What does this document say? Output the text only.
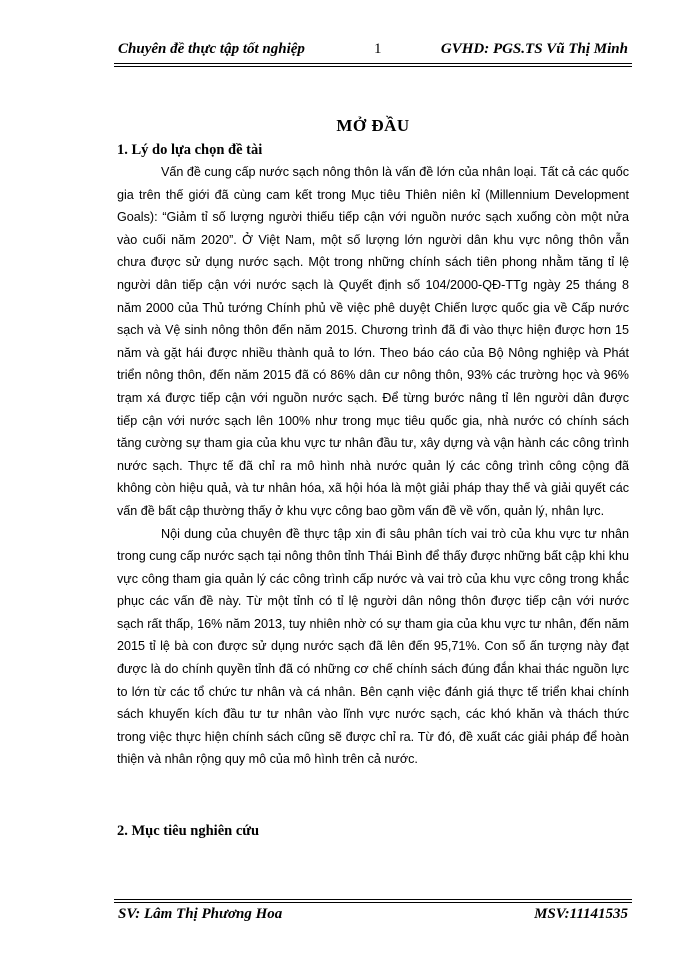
Chuyên đề thực tập tốt nghiệp	1	GVHD: PGS.TS Vũ Thị Minh
MỞ ĐẦU
1. Lý do lựa chọn đề tài

Vấn đề cung cấp nước sạch nông thôn là vấn đề lớn của nhân loại. Tất cả các quốc gia trên thế giới đã cùng cam kết trong Mục tiêu Thiên niên kỉ (Millennium Development Goals): “Giảm tỉ số lượng người thiếu tiếp cận với nguồn nước sạch xuống còn một nửa vào cuối năm 2020”. Ở Việt Nam, một số lượng lớn người dân khu vực nông thôn vẫn chưa được sử dụng nước sạch. Một trong những chính sách tiên phong nhằm tăng tỉ lệ người dân tiếp cận với nước sạch là Quyết định số 104/2000-QĐ-TTg ngày 25 tháng 8 năm 2000 của Thủ tướng Chính phủ về việc phê duyệt Chiến lược quốc gia về Cấp nước sạch và Vệ sinh nông thôn đến năm 2015. Chương trình đã đi vào thực hiện được hơn 15 năm và gặt hái được nhiều thành quả to lớn. Theo báo cáo của Bộ Nông nghiệp và Phát triển nông thôn, đến năm 2015 đã có 86% dân cư nông thôn, 93% các trường học và 96% trạm xá được tiếp cận với nguồn nước sạch. Để từng bước nâng tỉ lên người dân được tiếp cận với nước sạch lên 100% như trong mục tiêu quốc gia, nhà nước có chính sách tăng cường sự tham gia của khu vực tư nhân đầu tư, xây dựng và vận hành các công trình nước sạch. Thực tế đã chỉ ra mô hình nhà nước quản lý các công trình công cộng đã không còn hiệu quả, và tư nhân hóa, xã hội hóa là một giải pháp thay thế và giải quyết các vấn đề bất cập thường thấy ở khu vực công bao gồm vấn đề về vốn, quản lý, nhân lực.

Nội dung của chuyên đề thực tập xin đi sâu phân tích vai trò của khu vực tư nhân trong cung cấp nước sạch tại nông thôn tỉnh Thái Bình để thấy được những bất cập khi khu vực công tham gia quản lý các công trình cấp nước và vai trò của khu vực công trong khắc phục các vấn đề này. Từ một tỉnh có tỉ lệ người dân nông thôn được tiếp cận với nước sạch rất thấp, 16% năm 2013, tuy nhiên nhờ có sự tham gia của khu vực tư nhân, đến năm 2015 tỉ lệ bà con được sử dụng nước sạch đã lên đến 95,71%. Con số ấn tượng này đạt được là do chính quyền tỉnh đã có những cơ chế chính sách đúng đắn khai thác nguồn lực to lớn từ các tổ chức tư nhân và cá nhân. Bên cạnh việc đánh giá thực tế triển khai chính sách khuyến kích đầu tư tư nhân vào lĩnh vực nước sạch, các khó khăn và thách thức trong việc thực hiện chính sách cũng sẽ được chỉ ra. Từ đó, đề xuất các giải pháp để hoàn thiện và nhân rộng quy mô của mô hình trên cả nước.

2. Mục tiêu nghiên cứu
SV: Lâm Thị Phương Hoa	MSV:11141535
